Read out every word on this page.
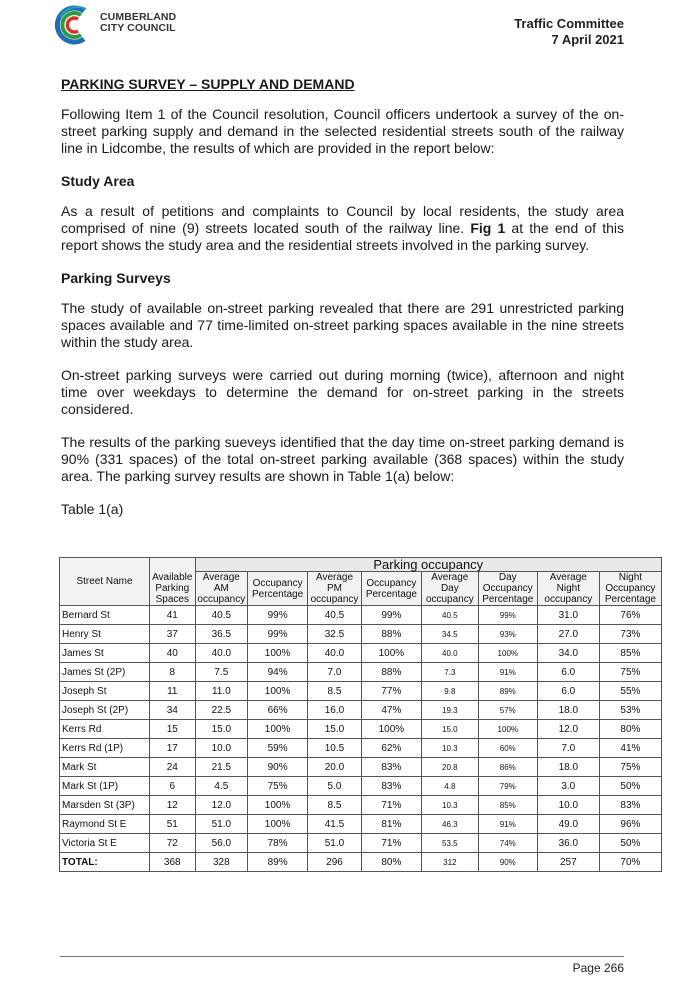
CUMBERLAND
CITY COUNCIL	Traffic Committee
7 April 2021
PARKING SURVEY – SUPPLY AND DEMAND

Following Item 1 of the Council resolution, Council officers undertook a survey of the on-street parking supply and demand in the selected residential streets south of the railway line in Lidcombe, the results of which are provided in the report below:

Study Area

As a result of petitions and complaints to Council by local residents, the study area comprised of nine (9) streets located south of the railway line. Fig 1 at the end of this report shows the study area and the residential streets involved in the parking survey.

Parking Surveys

The study of available on-street parking revealed that there are 291 unrestricted parking spaces available and 77 time-limited on-street parking spaces available in the nine streets within the study area.

On-street parking surveys were carried out during morning (twice), afternoon and night time over weekdays to determine the demand for on-street parking in the streets considered.

The results of the parking sueveys identified that the day time on-street parking demand is 90% (331 spaces) of the total on-street parking available (368 spaces) within the study area. The parking survey results are shown in Table 1(a) below:

Table 1(a)
Street Name	Available Parking Spaces	Parking occupancy							
		Average AM occupancy	Occupancy Percentage	Average PM occupancy	Occupancy Percentage	Average Day occupancy	Day Occupancy Percentage	Average Night occupancy	Night Occupancy Percentage
Bernard St	41	40.5	99%	40.5	99%	40.5	99%	31.0	76%
Henry St	37	36.5	99%	32.5	88%	34.5	93%	27.0	73%
James St	40	40.0	100%	40.0	100%	40.0	100%	34.0	85%
James St (2P)	8	7.5	94%	7.0	88%	7.3	91%	6.0	75%
Joseph St	11	11.0	100%	8.5	77%	9.8	89%	6.0	55%
Joseph St (2P)	34	22.5	66%	16.0	47%	19.3	57%	18.0	53%
Kerrs Rd	15	15.0	100%	15.0	100%	15.0	100%	12.0	80%
Kerrs Rd (1P)	17	10.0	59%	10.5	62%	10.3	60%	7.0	41%
Mark St	24	21.5	90%	20.0	83%	20.8	86%	18.0	75%
Mark St (1P)	6	4.5	75%	5.0	83%	4.8	79%	3.0	50%
Marsden St (3P)	12	12.0	100%	8.5	71%	10.3	85%	10.0	83%
Raymond St E	51	51.0	100%	41.5	81%	46.3	91%	49.0	96%
Victoria St E	72	56.0	78%	51.0	71%	53.5	74%	36.0	50%
TOTAL:	368	328	89%	296	80%	312	90%	257	70%
Page 266
